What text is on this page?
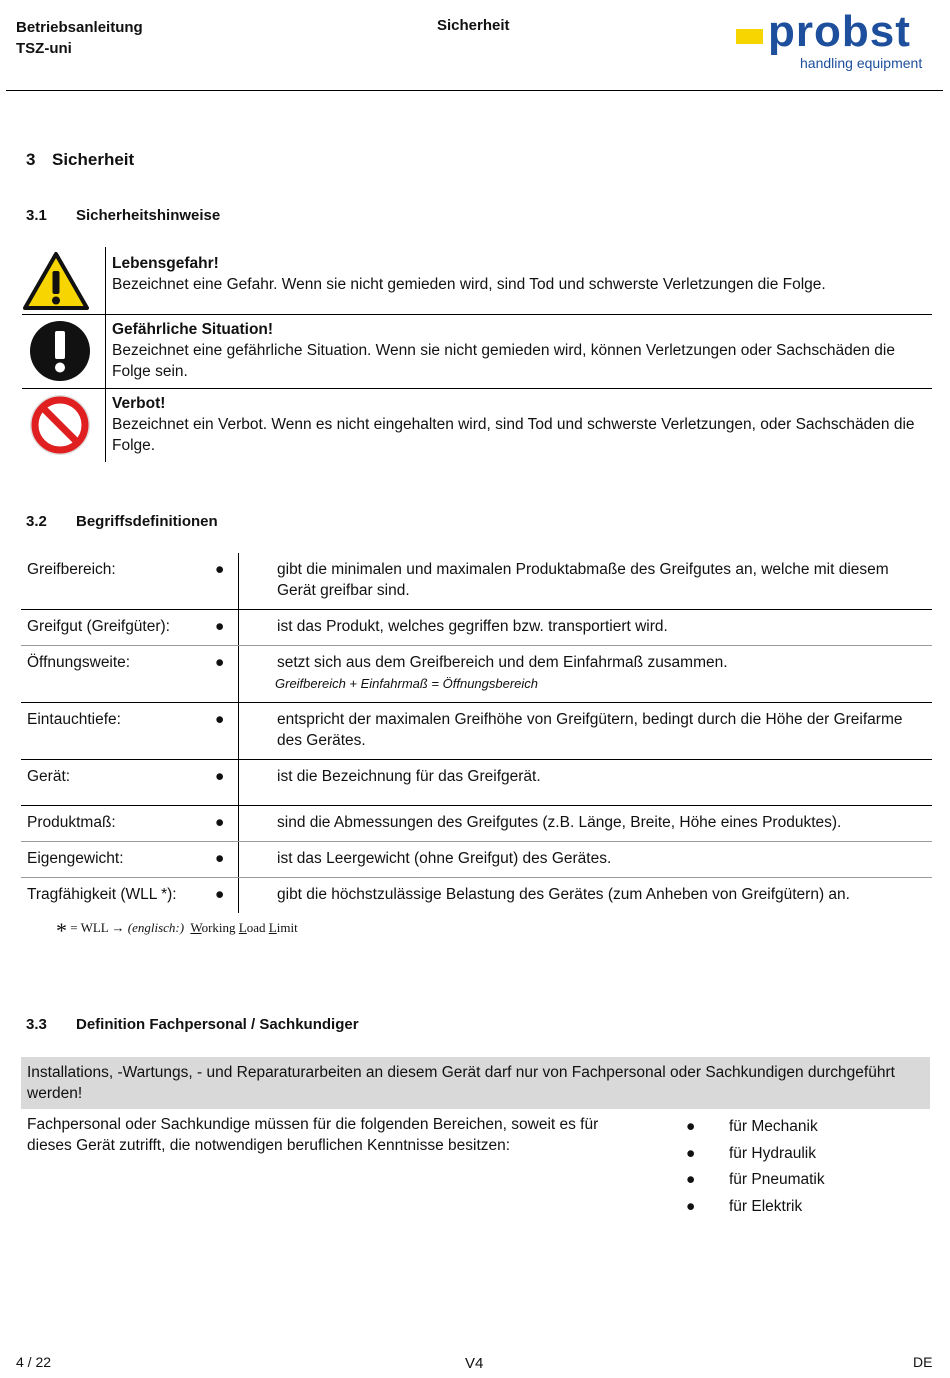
Betriebsanleitung
TSZ-uni
Sicherheit	probst
handling equipment
3 Sicherheit
3.1 Sicherheitshinweise
Lebensgefahr!
Bezeichnet eine Gefahr. Wenn sie nicht gemieden wird, sind Tod und schwerste Verletzungen die Folge.
Gefährliche Situation!
Bezeichnet eine gefährliche Situation. Wenn sie nicht gemieden wird, können Verletzungen oder Sachschäden die Folge sein.
Verbot!
Bezeichnet ein Verbot. Wenn es nicht eingehalten wird, sind Tod und schwerste Verletzungen, oder Sachschäden die Folge.
3.2 Begriffsdefinitionen
Greifbereich:	● gibt die minimalen und maximalen Produktabmaße des Greifgutes an, welche mit diesem Gerät greifbar sind.

Greifgut (Greifgüter):	● ist das Produkt, welches gegriffen bzw. transportiert wird.

Öffnungsweite:	● setzt sich aus dem Greifbereich und dem Einfahrmaß zusammen.
Greifbereich + Einfahrmaß = Öffnungsbereich

Eintauchtiefe:	● entspricht der maximalen Greifhöhe von Greifgütern, bedingt durch die Höhe der Greifarme des Gerätes.

Gerät:	● ist die Bezeichnung für das Greifgerät.

Produktmaß:	● sind die Abmessungen des Greifgutes (z.B. Länge, Breite, Höhe eines Produktes).

Eigengewicht:	● ist das Leergewicht (ohne Greifgut) des Gerätes.

Tragfähigkeit (WLL *):	● gibt die höchstzulässige Belastung des Gerätes (zum Anheben von Greifgütern) an.
* = WLL → (englisch:) Working Load Limit
3.3 Definition Fachpersonal / Sachkundiger
Installations, -Wartungs, - und Reparaturarbeiten an diesem Gerät darf nur von Fachpersonal oder Sachkundigen durchgeführt werden!
Fachpersonal oder Sachkundige müssen für die folgenden Bereichen, soweit es für dieses Gerät zutrifft, die notwendigen beruflichen Kenntnisse besitzen:
● für Mechanik
● für Hydraulik
● für Pneumatik
● für Elektrik
4 / 22	V4	DE
